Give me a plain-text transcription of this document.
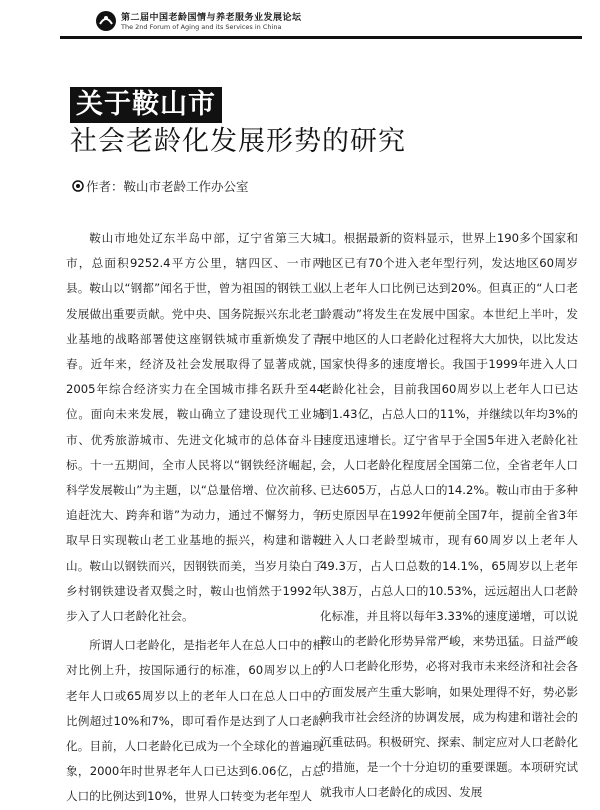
第二届中国老龄国情与养老服务业发展论坛
The 2nd Forum of Aging and its Services in China
关于鞍山市
社会老龄化发展形势的研究
作者：鞍山市老龄工作办公室

鞍山市地处辽东半岛中部，辽宁省第三大城市，总面积9252.4平方公里，辖四区、一市两县。鞍山以“钢都”闻名于世，曾为祖国的钢铁工业发展做出重要贡献。党中央、国务院振兴东北老工业基地的战略部署使这座钢铁城市重新焕发了青春。近年来，经济及社会发展取得了显著成就，2005年综合经济实力在全国城市排名跃升至44位。面向未来发展，鞍山确立了建设现代工业城市、优秀旅游城市、先进文化城市的总体奋斗目标。十一五期间，全市人民将以“钢铁经济崛起，科学发展鞍山”为主题，以“总量倍增、位次前移、追赶沈大、跨奔和谐”为动力，通过不懈努力，争取早日实现鞍山老工业基地的振兴，构建和谐鞍山。鞍山以钢铁而兴，因钢铁而美，当岁月染白了乡村钢铁建设者双鬓之时，鞍山也悄然于1992年步入了人口老龄化社会。

所谓人口老龄化，是指老年人在总人口中的相对比例上升，按国际通行的标准，60周岁以上的老年人口或65周岁以上的老年人口在总人口中的比例超过10%和7%，即可看作是达到了人口老龄化。目前，人口老龄化已成为一个全球化的普遍现象，2000年时世界老年人口已达到6.06亿，占总人口的比例达到10%，世界人口转变为老年型人

口。根据最新的资料显示，世界上190多个国家和地区已有70个进入老年型行列，发达地区60周岁以上老年人口比例已达到20%。但真正的“人口老龄震动”将发生在发展中国家。本世纪上半叶，发展中地区的人口老龄化过程将大大加快，以比发达国家快得多的速度增长。我国于1999年进入人口老龄化社会，目前我国60周岁以上老年人口已达到1.43亿，占总人口的11%，并继续以年均3%的速度迅速增长。辽宁省早于全国5年进入老龄化社会，人口老龄化程度居全国第二位，全省老年人口已达605万，占总人口的14.2%。鞍山市由于多种历史原因早在1992年便前全国7年，提前全省3年进入人口老龄型城市，现有60周岁以上老年人49.3万，占人口总数的14.1%，65周岁以上老年人38万，占总人口的10.53%，远远超出人口老龄化标准，并且将以每年3.33%的速度递增，可以说鞍山的老龄化形势异常严峻，来势迅猛。日益严峻的人口老龄化形势，必将对我市未来经济和社会各方面发展产生重大影响，如果处理得不好，势必影响我市社会经济的协调发展，成为构建和谐社会的沉重砝码。积极研究、探索、制定应对人口老龄化的措施，是一个十分迫切的重要课题。本项研究试就我市人口老龄化的成因、发展
